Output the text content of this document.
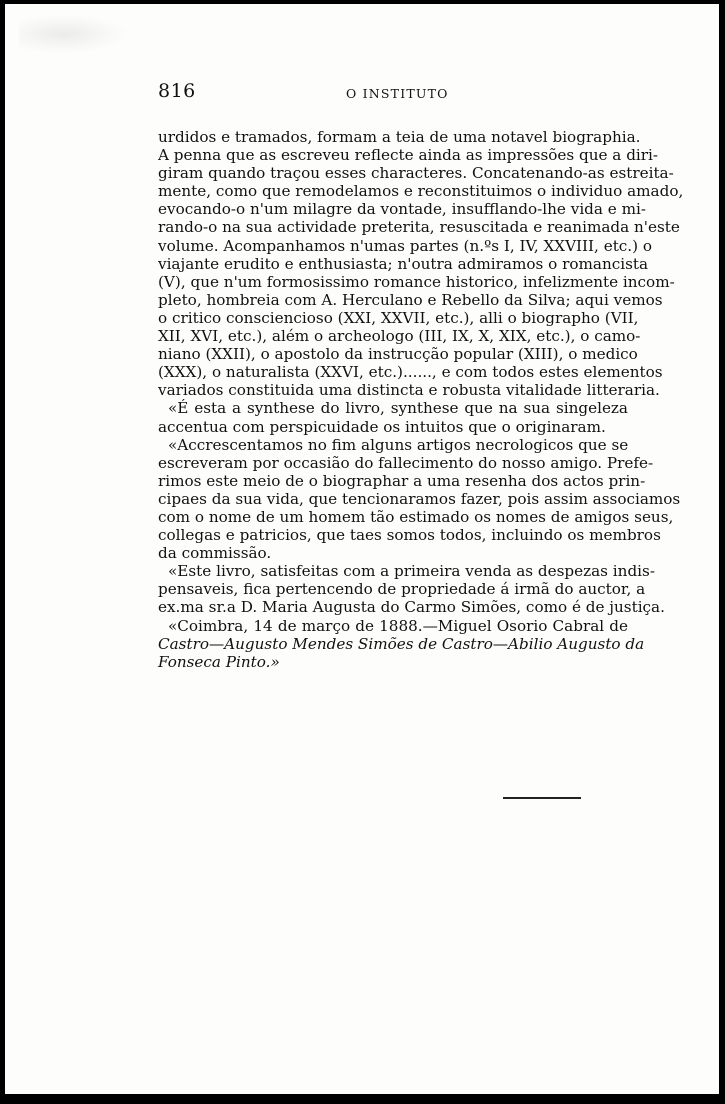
816	O INSTITUTO
urdidos e tramados, formam a teia de uma notavel biographia.
A penna que as escreveu reflecte ainda as impressões que a diri-
giram quando traçou esses characteres. Concatenando-as estreita-
mente, como que remodelamos e reconstituimos o individuo amado,
evocando-o n'um milagre da vontade, insufflando-lhe vida e mi-
rando-o na sua actividade preterita, resuscitada e reanimada n'este
volume. Acompanhamos n'umas partes (n.ºs I, IV, XXVIII, etc.) o
viajante erudito e enthusiasta; n'outra admiramos o romancista
(V), que n'um formosissimo romance historico, infelizmente incom-
pleto, hombreia com A. Herculano e Rebello da Silva; aqui vemos
o critico consciencioso (XXI, XXVII, etc.), alli o biographo (VII,
XII, XVI, etc.), além o archeologo (III, IX, X, XIX, etc.), o camo-
niano (XXII), o apostolo da instrucção popular (XIII), o medico
(XXX), o naturalista (XXVI, etc.)......, e com todos estes elementos
variados constituida uma distincta e robusta vitalidade litteraria.
«É esta a synthese do livro, synthese que na sua singeleza
accentua com perspicuidade os intuitos que o originaram.
«Accrescentamos no fim alguns artigos necrologicos que se
escreveram por occasião do fallecimento do nosso amigo. Prefe-
rimos este meio de o biographar a uma resenha dos actos prin-
cipaes da sua vida, que tencionaramos fazer, pois assim associamos
com o nome de um homem tão estimado os nomes de amigos seus,
collegas e patricios, que taes somos todos, incluindo os membros
da commissão.
«Este livro, satisfeitas com a primeira venda as despezas indis-
pensaveis, fica pertencendo de propriedade á irmã do auctor, a
ex.ma sr.a D. Maria Augusta do Carmo Simões, como é de justiça.
«Coimbra, 14 de março de 1888.—Miguel Osorio Cabral de
Castro—Augusto Mendes Simões de Castro—Abilio Augusto da
Fonseca Pinto.»
